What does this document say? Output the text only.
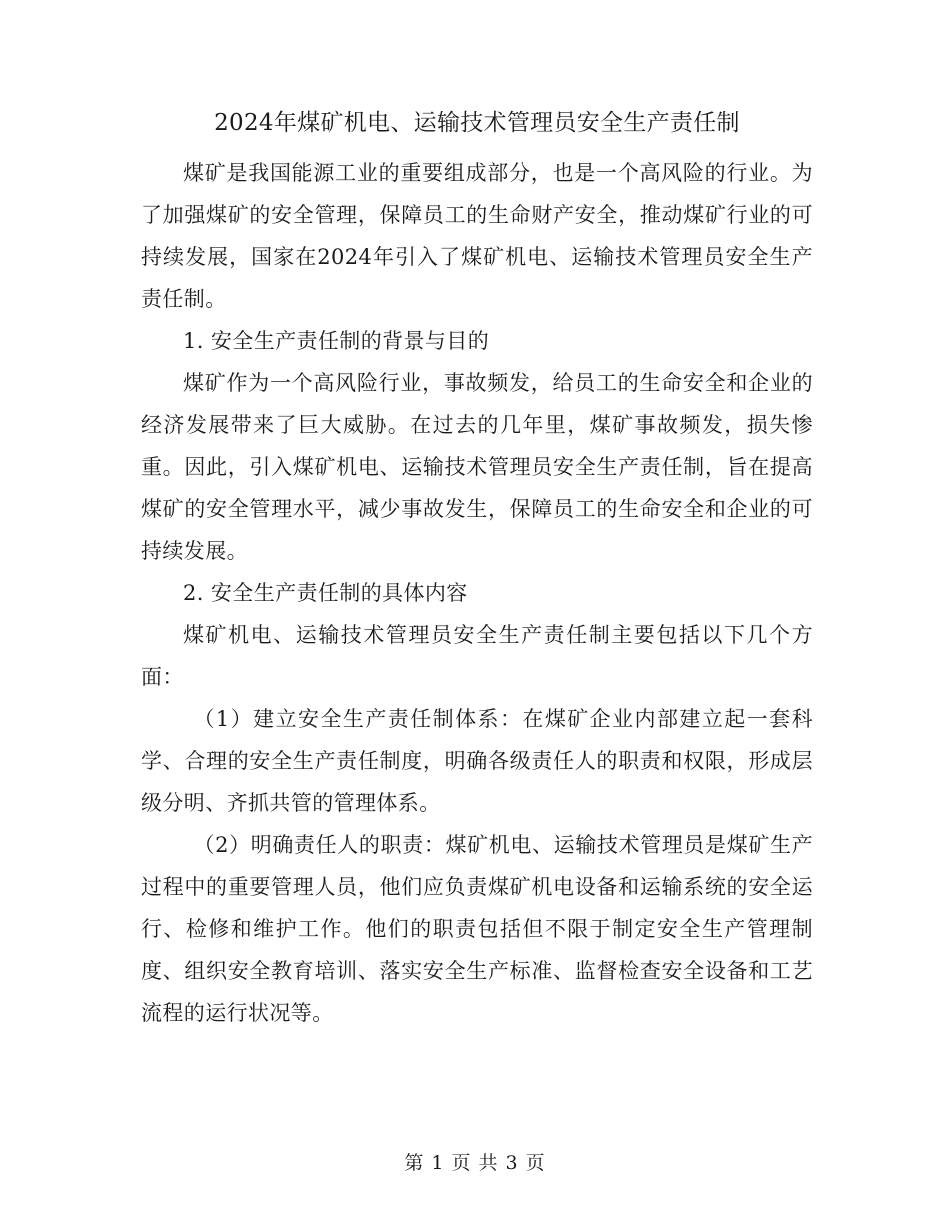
2024年煤矿机电、运输技术管理员安全生产责任制

煤矿是我国能源工业的重要组成部分，也是一个高风险的行业。为了加强煤矿的安全管理，保障员工的生命财产安全，推动煤矿行业的可持续发展，国家在2024年引入了煤矿机电、运输技术管理员安全生产责任制。

1. 安全生产责任制的背景与目的

煤矿作为一个高风险行业，事故频发，给员工的生命安全和企业的经济发展带来了巨大威胁。在过去的几年里，煤矿事故频发，损失惨重。因此，引入煤矿机电、运输技术管理员安全生产责任制，旨在提高煤矿的安全管理水平，减少事故发生，保障员工的生命安全和企业的可持续发展。

2. 安全生产责任制的具体内容

煤矿机电、运输技术管理员安全生产责任制主要包括以下几个方面：

（1）建立安全生产责任制体系：在煤矿企业内部建立起一套科学、合理的安全生产责任制度，明确各级责任人的职责和权限，形成层级分明、齐抓共管的管理体系。

（2）明确责任人的职责：煤矿机电、运输技术管理员是煤矿生产过程中的重要管理人员，他们应负责煤矿机电设备和运输系统的安全运行、检修和维护工作。他们的职责包括但不限于制定安全生产管理制度、组织安全教育培训、落实安全生产标准、监督检查安全设备和工艺流程的运行状况等。

第 1 页 共 3 页
